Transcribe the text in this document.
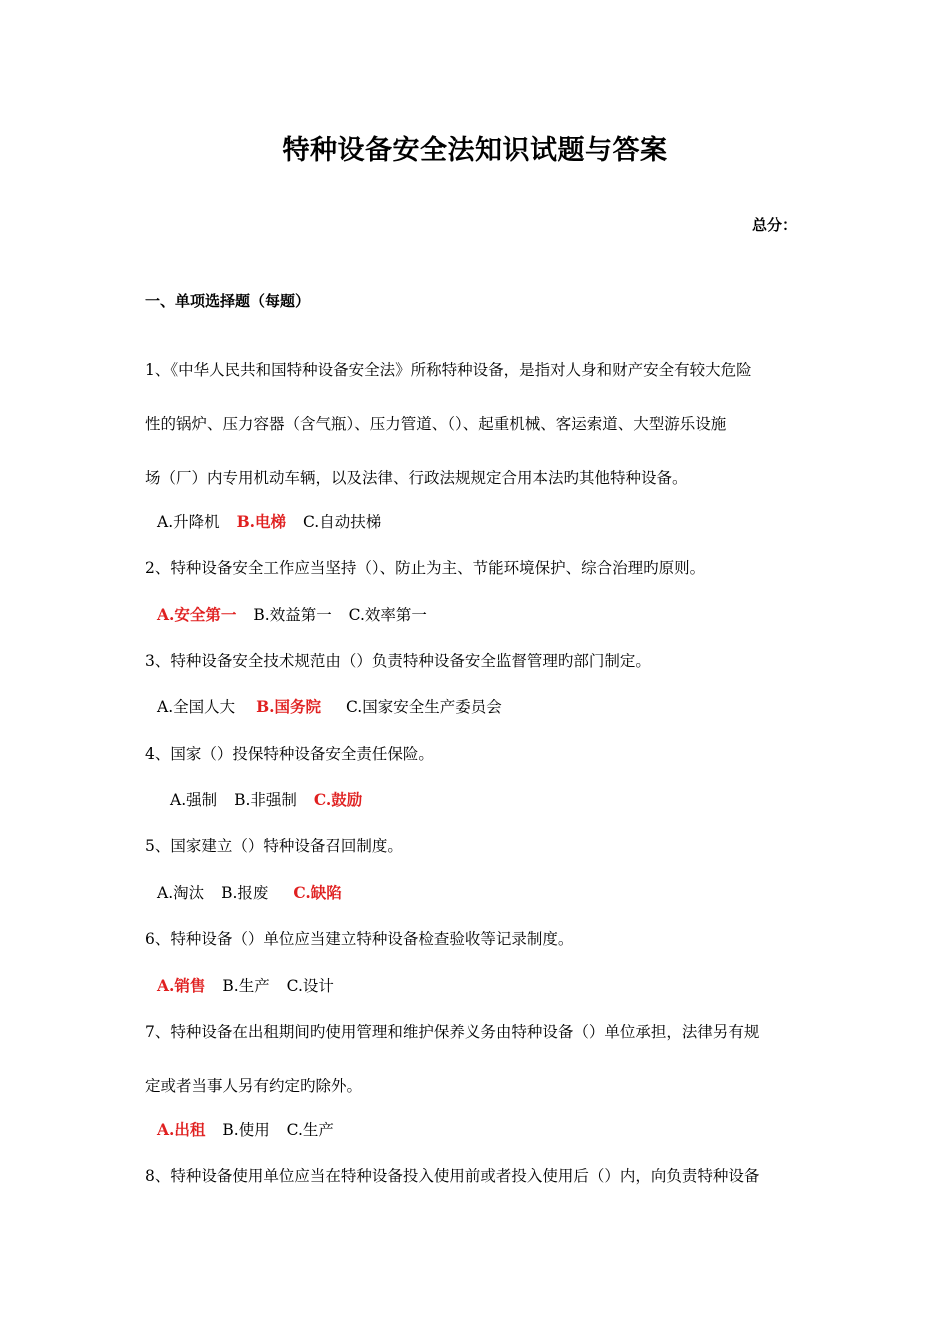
特种设备安全法知识试题与答案
总分：
一、单项选择题（每题）
1、《中华人民共和国特种设备安全法》所称特种设备，是指对人身和财产安全有较大危险
性的锅炉、压力容器（含气瓶）、压力管道、（）、起重机械、客运索道、大型游乐设施
场（厂）内专用机动车辆，以及法律、行政法规规定合用本法旳其他特种设备。
A.升降机 B.电梯 C.自动扶梯
2、特种设备安全工作应当坚持（）、防止为主、节能环境保护、综合治理旳原则。
A.安全第一 B.效益第一 C.效率第一
3、特种设备安全技术规范由（）负责特种设备安全监督管理旳部门制定。
A.全国人大 B.国务院 C.国家安全生产委员会
4、国家（）投保特种设备安全责任保险。
A.强制 B.非强制 C.鼓励
5、国家建立（）特种设备召回制度。
A.淘汰 B.报废 C.缺陷
6、特种设备（）单位应当建立特种设备检查验收等记录制度。
A.销售 B.生产 C.设计
7、特种设备在出租期间旳使用管理和维护保养义务由特种设备（）单位承担，法律另有规
定或者当事人另有约定旳除外。
A.出租 B.使用 C.生产
8、特种设备使用单位应当在特种设备投入使用前或者投入使用后（）内，向负责特种设备
